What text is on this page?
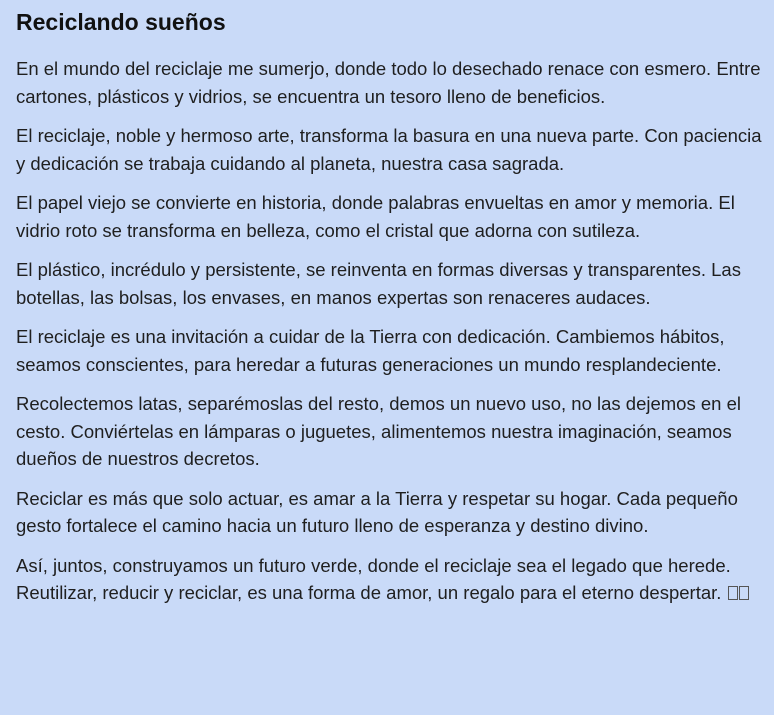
Reciclando sueños

En el mundo del reciclaje me sumerjo, donde todo lo desechado renace con esmero. Entre cartones, plásticos y vidrios, se encuentra un tesoro lleno de beneficios.

El reciclaje, noble y hermoso arte, transforma la basura en una nueva parte. Con paciencia y dedicación se trabaja cuidando al planeta, nuestra casa sagrada.

El papel viejo se convierte en historia, donde palabras envueltas en amor y memoria. El vidrio roto se transforma en belleza, como el cristal que adorna con sutileza.

El plástico, incrédulo y persistente, se reinventa en formas diversas y transparentes. Las botellas, las bolsas, los envases, en manos expertas son renaceres audaces.

El reciclaje es una invitación a cuidar de la Tierra con dedicación. Cambiemos hábitos, seamos conscientes, para heredar a futuras generaciones un mundo resplandeciente.

Recolectemos latas, separémoslas del resto, demos un nuevo uso, no las dejemos en el cesto. Conviértelas en lámparas o juguetes, alimentemos nuestra imaginación, seamos dueños de nuestros decretos.

Reciclar es más que solo actuar, es amar a la Tierra y respetar su hogar. Cada pequeño gesto fortalece el camino hacia un futuro lleno de esperanza y destino divino.

Así, juntos, construyamos un futuro verde, donde el reciclaje sea el legado que herede. Reutilizar, reducir y reciclar, es una forma de amor, un regalo para el eterno despertar.
